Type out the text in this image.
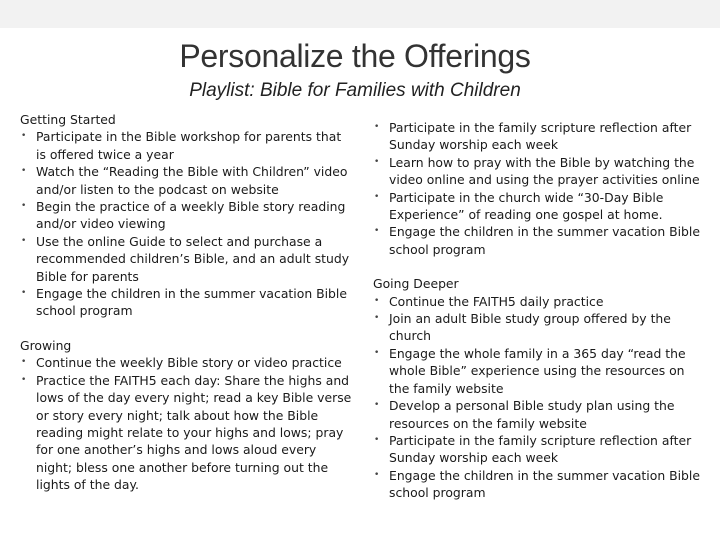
Personalize the Offerings
Playlist: Bible for Families with Children
Getting Started
• Participate in the Bible workshop for parents that is offered twice a year
• Watch the “Reading the Bible with Children” video and/or listen to the podcast on website
• Begin the practice of a weekly Bible story reading and/or video viewing
• Use the online Guide to select and purchase a recommended children’s Bible, and an adult study Bible for parents
• Engage the children in the summer vacation Bible school program
Growing
• Continue the weekly Bible story or video practice
• Practice the FAITH5 each day: Share the highs and lows of the day every night; read a key Bible verse or story every night; talk about how the Bible reading might relate to your highs and lows; pray for one another’s highs and lows aloud every night; bless one another before turning out the lights of the day.
• Participate in the family scripture reflection after Sunday worship each week
• Learn how to pray with the Bible by watching the video online and using the prayer activities online
• Participate in the church wide “30-Day Bible Experience” of reading one gospel at home.
• Engage the children in the summer vacation Bible school program
Going Deeper
• Continue the FAITH5 daily practice
• Join an adult Bible study group offered by the church
• Engage the whole family in a 365 day “read the whole Bible” experience using the resources on the family website
• Develop a personal Bible study plan using the resources on the family website
• Participate in the family scripture reflection after Sunday worship each week
• Engage the children in the summer vacation Bible school program
